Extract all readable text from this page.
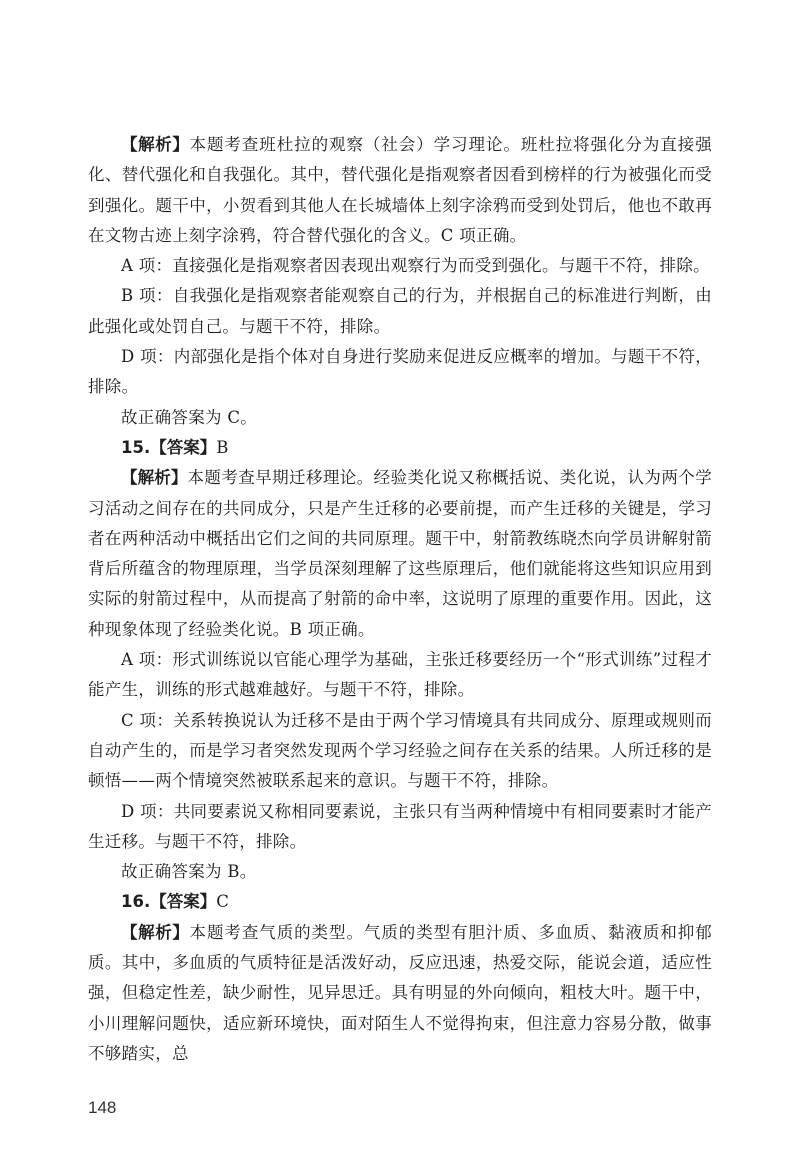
【解析】本题考查班杜拉的观察（社会）学习理论。班杜拉将强化分为直接强化、替代强化和自我强化。其中，替代强化是指观察者因看到榜样的行为被强化而受到强化。题干中，小贺看到其他人在长城墙体上刻字涂鸦而受到处罚后，他也不敢再在文物古迹上刻字涂鸦，符合替代强化的含义。C 项正确。

A 项：直接强化是指观察者因表现出观察行为而受到强化。与题干不符，排除。

B 项：自我强化是指观察者能观察自己的行为，并根据自己的标准进行判断，由此强化或处罚自己。与题干不符，排除。

D 项：内部强化是指个体对自身进行奖励来促进反应概率的增加。与题干不符，排除。

故正确答案为 C。

15.【答案】B

【解析】本题考查早期迁移理论。经验类化说又称概括说、类化说，认为两个学习活动之间存在的共同成分，只是产生迁移的必要前提，而产生迁移的关键是，学习者在两种活动中概括出它们之间的共同原理。题干中，射箭教练晓杰向学员讲解射箭背后所蕴含的物理原理，当学员深刻理解了这些原理后，他们就能将这些知识应用到实际的射箭过程中，从而提高了射箭的命中率，这说明了原理的重要作用。因此，这种现象体现了经验类化说。B 项正确。

A 项：形式训练说以官能心理学为基础，主张迁移要经历一个“形式训练”过程才能产生，训练的形式越难越好。与题干不符，排除。

C 项：关系转换说认为迁移不是由于两个学习情境具有共同成分、原理或规则而自动产生的，而是学习者突然发现两个学习经验之间存在关系的结果。人所迁移的是顿悟——两个情境突然被联系起来的意识。与题干不符，排除。

D 项：共同要素说又称相同要素说，主张只有当两种情境中有相同要素时才能产生迁移。与题干不符，排除。

故正确答案为 B。

16.【答案】C

【解析】本题考查气质的类型。气质的类型有胆汁质、多血质、黏液质和抑郁质。其中，多血质的气质特征是活泼好动，反应迅速，热爱交际，能说会道，适应性强，但稳定性差，缺少耐性，见异思迁。具有明显的外向倾向，粗枝大叶。题干中，小川理解问题快，适应新环境快，面对陌生人不觉得拘束，但注意力容易分散，做事不够踏实，总

148
